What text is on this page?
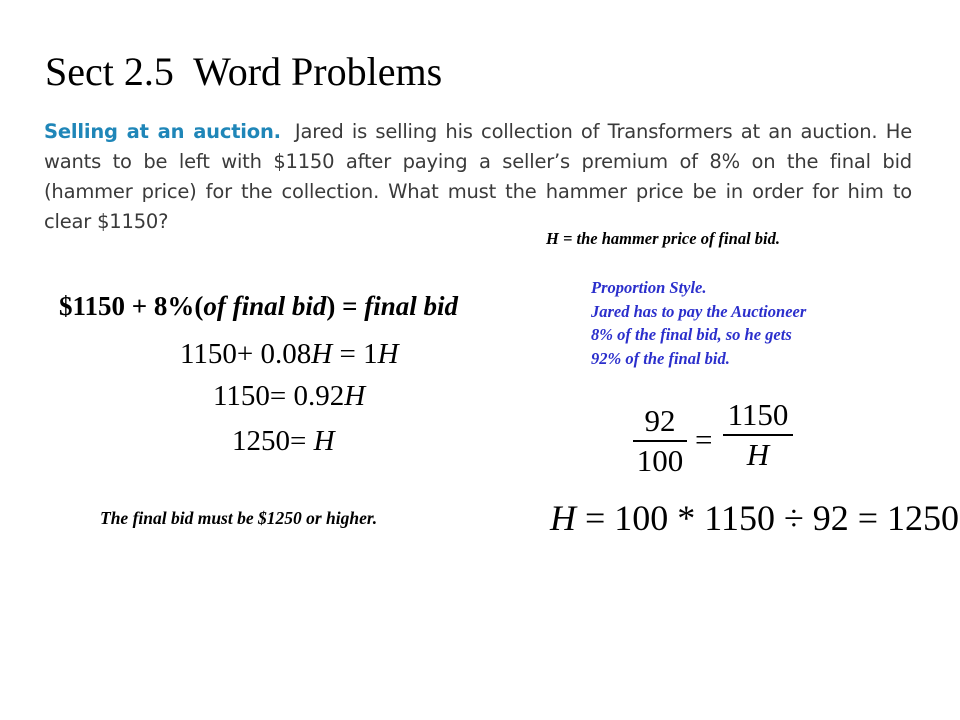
Sect 2.5  Word Problems
Selling at an auction. Jared is selling his collection of Transformers at an auction. He wants to be left with $1150 after paying a seller’s premium of 8% on the final bid (hammer price) for the collection. What must the hammer price be in order for him to clear $1150?
H = the hammer price of final bid.
Proportion Style.
Jared has to pay the Auctioneer
8% of the final bid, so he gets
92% of the final bid.
$1150 + 8%(of final bid) = final bid
1150+ 0.08H = 1H
1150= 0.92H
1250= H
92
100
=
1150
H
The final bid must be $1250 or higher.	H = 100 * 1150 ÷ 92 = 1250
